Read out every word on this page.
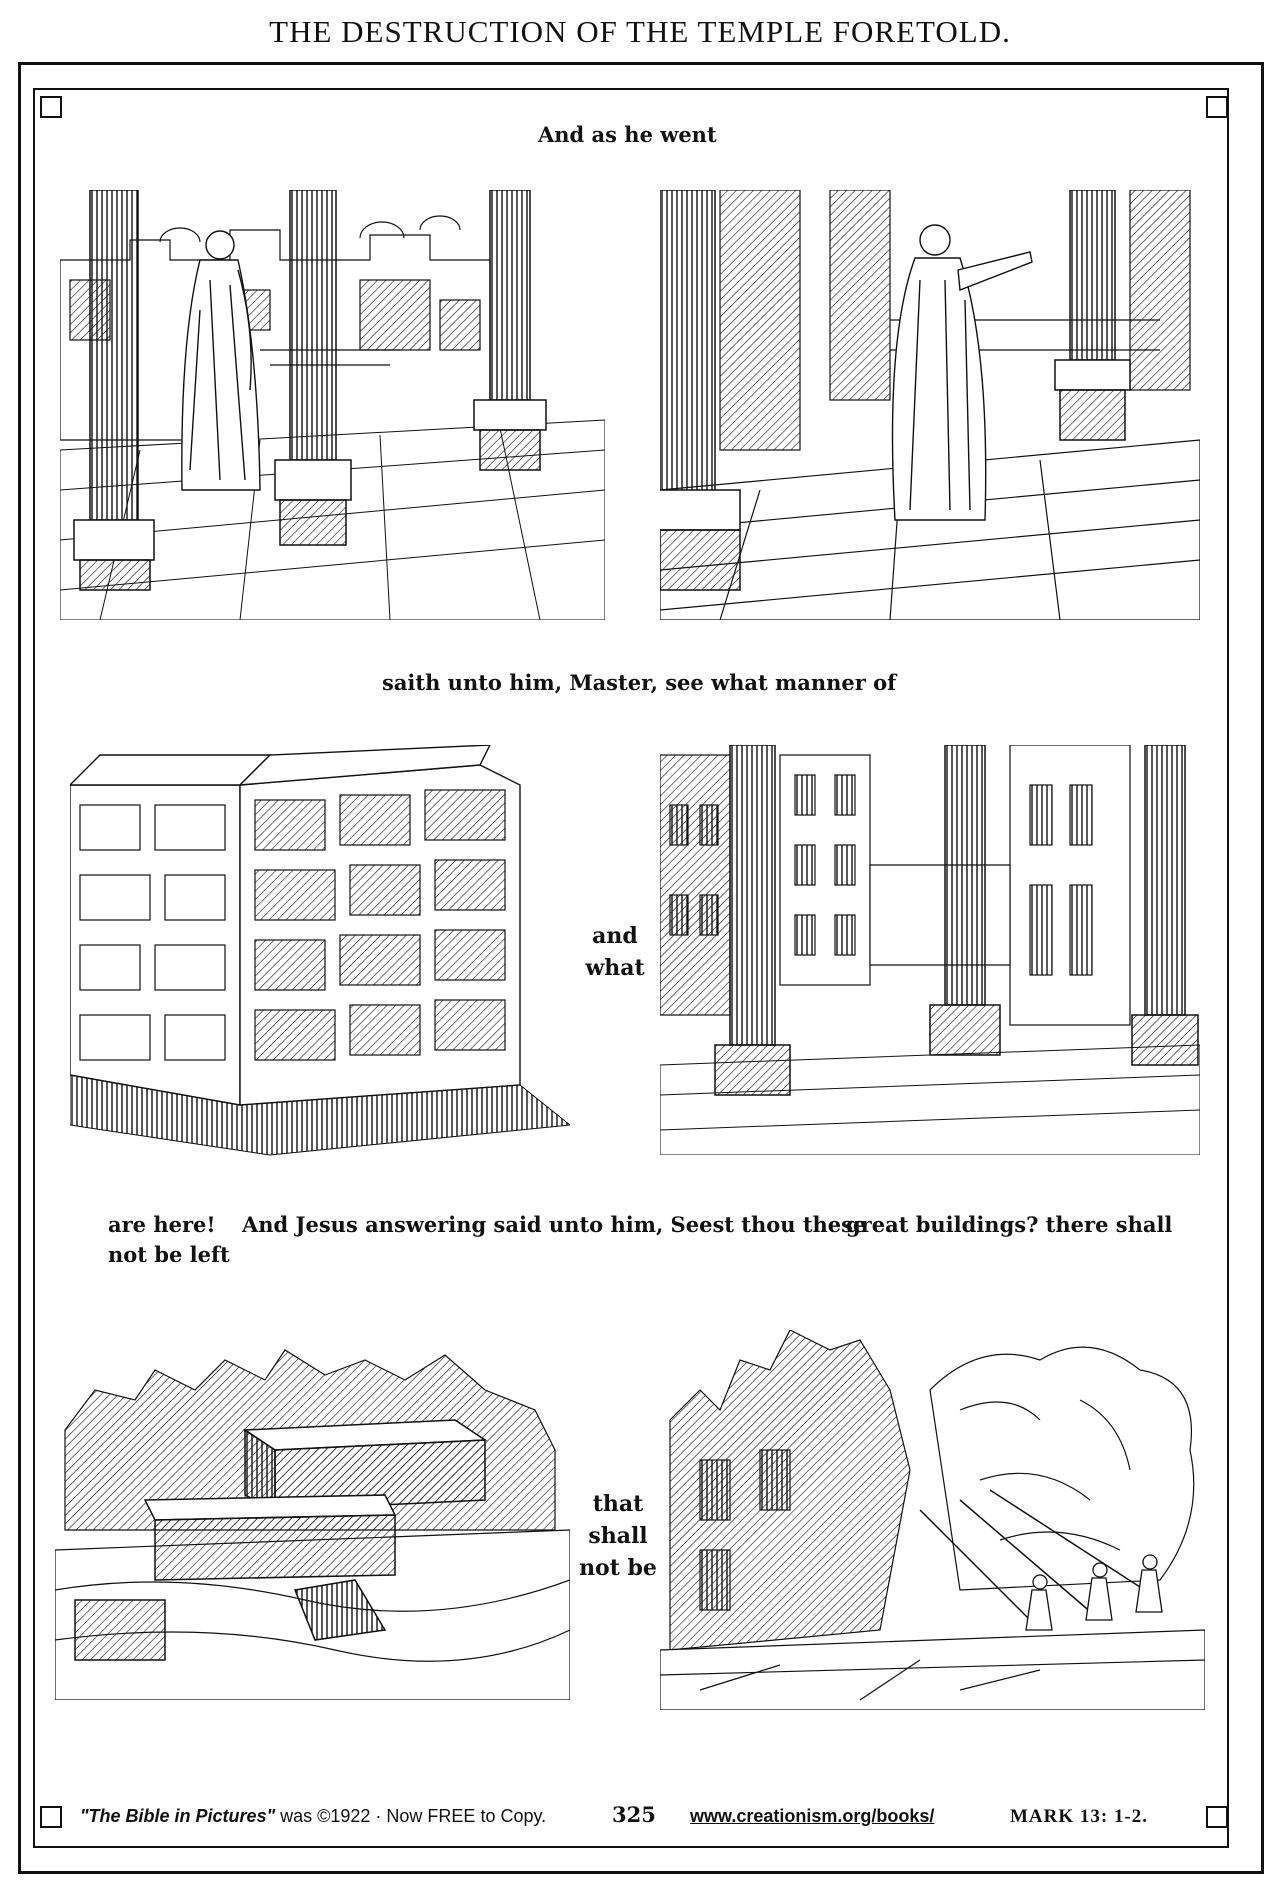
THE DESTRUCTION OF THE TEMPLE FORETOLD.
And as he went
saith unto him, Master, see what manner of
and
what
are here! And Jesus answering said unto him, Seest thou these
great buildings? there shall
not be left
that
shall
not be
"The Bible in Pictures" was ©1922 · Now FREE to Copy.	325 www.creationism.org/books/	MARK 13: 1-2.
